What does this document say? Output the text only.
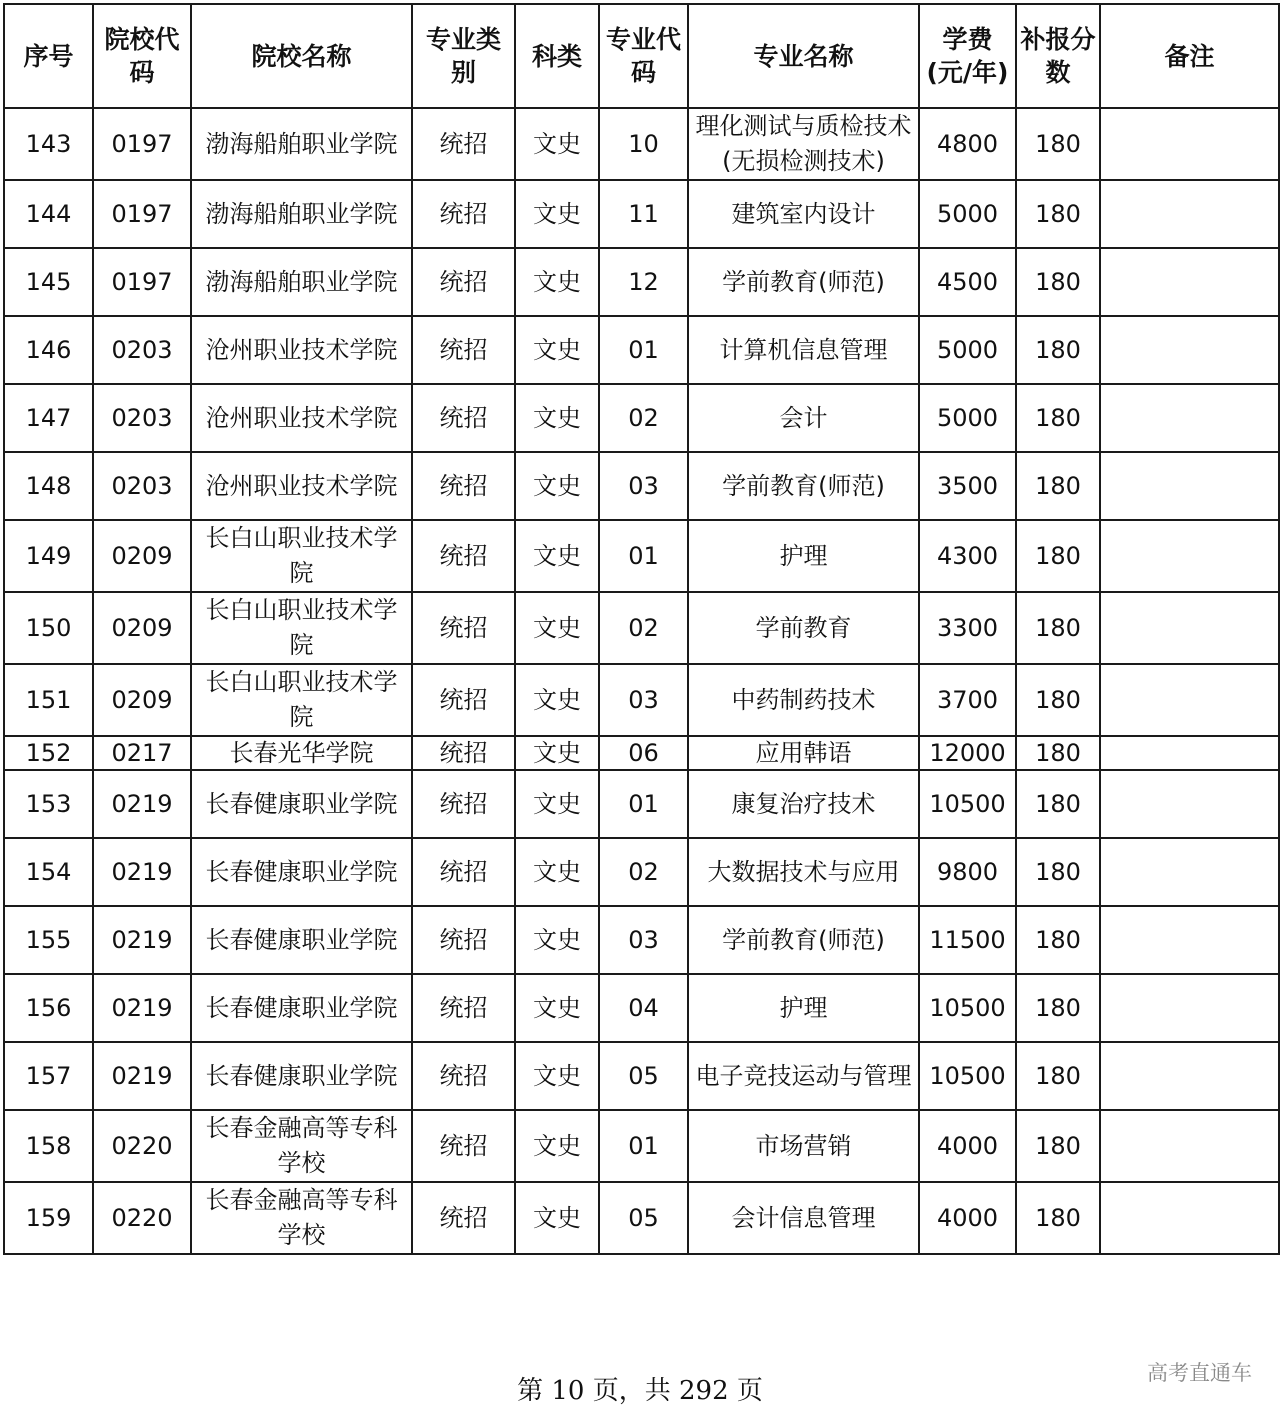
序号	院校代码	院校名称	专业类别	科类	专业代码	专业名称	学费(元/年)	补报分数	备注
143	0197	渤海船舶职业学院	统招	文史	10	理化测试与质检技术(无损检测技术)	4800	180	
144	0197	渤海船舶职业学院	统招	文史	11	建筑室内设计	5000	180	
145	0197	渤海船舶职业学院	统招	文史	12	学前教育(师范)	4500	180	
146	0203	沧州职业技术学院	统招	文史	01	计算机信息管理	5000	180	
147	0203	沧州职业技术学院	统招	文史	02	会计	5000	180	
148	0203	沧州职业技术学院	统招	文史	03	学前教育(师范)	3500	180	
149	0209	长白山职业技术学院	统招	文史	01	护理	4300	180	
150	0209	长白山职业技术学院	统招	文史	02	学前教育	3300	180	
151	0209	长白山职业技术学院	统招	文史	03	中药制药技术	3700	180	
152	0217	长春光华学院	统招	文史	06	应用韩语	12000	180	
153	0219	长春健康职业学院	统招	文史	01	康复治疗技术	10500	180	
154	0219	长春健康职业学院	统招	文史	02	大数据技术与应用	9800	180	
155	0219	长春健康职业学院	统招	文史	03	学前教育(师范)	11500	180	
156	0219	长春健康职业学院	统招	文史	04	护理	10500	180	
157	0219	长春健康职业学院	统招	文史	05	电子竞技运动与管理	10500	180	
158	0220	长春金融高等专科学校	统招	文史	01	市场营销	4000	180	
159	0220	长春金融高等专科学校	统招	文史	05	会计信息管理	4000	180	
第 10 页，共 292 页
高考直通车
